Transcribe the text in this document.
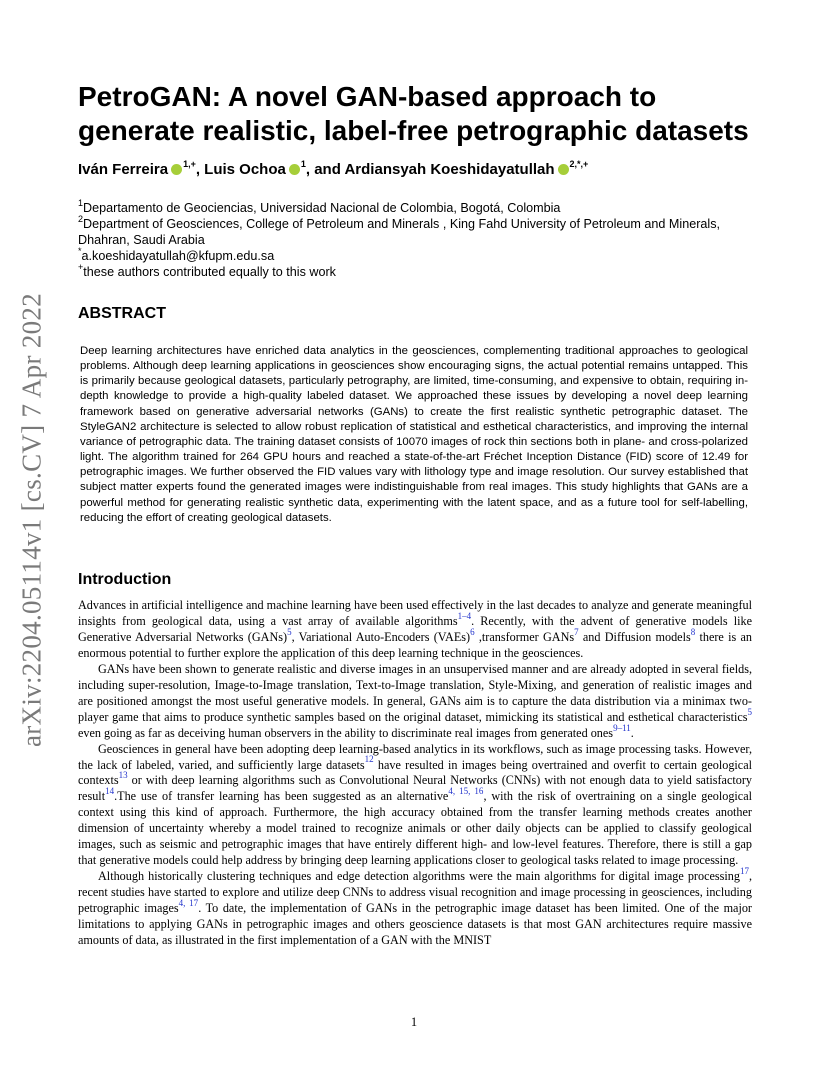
arXiv:2204.05114v1 [cs.CV] 7 Apr 2022
PetroGAN: A novel GAN-based approach to generate realistic, label-free petrographic datasets
Iván Ferreira $^{1,+}$, Luis Ochoa $^1$, and Ardiansyah Koeshidayatullah $^{2,*,+}$
$^1$Departamento de Geociencias, Universidad Nacional de Colombia, Bogotá, Colombia
$^2$Department of Geosciences, College of Petroleum and Minerals , King Fahd University of Petroleum and Minerals, Dhahran, Saudi Arabia
*a.koeshidayatullah@kfupm.edu.sa
+these authors contributed equally to this work
ABSTRACT

Deep learning architectures have enriched data analytics in the geosciences, complementing traditional approaches to geological problems. Although deep learning applications in geosciences show encouraging signs, the actual potential remains untapped. This is primarily because geological datasets, particularly petrography, are limited, time-consuming, and expensive to obtain, requiring in-depth knowledge to provide a high-quality labeled dataset. We approached these issues by developing a novel deep learning framework based on generative adversarial networks (GANs) to create the first realistic synthetic petrographic dataset. The StyleGAN2 architecture is selected to allow robust replication of statistical and esthetical characteristics, and improving the internal variance of petrographic data. The training dataset consists of 10070 images of rock thin sections both in plane- and cross-polarized light. The algorithm trained for 264 GPU hours and reached a state-of-the-art Fréchet Inception Distance (FID) score of 12.49 for petrographic images. We further observed the FID values vary with lithology type and image resolution. Our survey established that subject matter experts found the generated images were indistinguishable from real images. This study highlights that GANs are a powerful method for generating realistic synthetic data, experimenting with the latent space, and as a future tool for self-labelling, reducing the effort of creating geological datasets.

Introduction

Advances in artificial intelligence and machine learning have been used effectively in the last decades to analyze and generate meaningful insights from geological data, using a vast array of available algorithms$^{1-4}$. Recently, with the advent of generative models like Generative Adversarial Networks (GANs)$^5$, Variational Auto-Encoders (VAEs)$^6$ ,transformer GANs$^7$ and Diffusion models$^8$ there is an enormous potential to further explore the application of this deep learning technique in the geosciences.

GANs have been shown to generate realistic and diverse images in an unsupervised manner and are already adopted in several fields, including super-resolution, Image-to-Image translation, Text-to-Image translation, Style-Mixing, and generation of realistic images and are positioned amongst the most useful generative models. In general, GANs aim is to capture the data distribution via a minimax two-player game that aims to produce synthetic samples based on the original dataset, mimicking its statistical and esthetical characteristics$^5$ even going as far as deceiving human observers in the ability to discriminate real images from generated ones$^{9-11}$.

Geosciences in general have been adopting deep learning-based analytics in its workflows, such as image processing tasks. However, the lack of labeled, varied, and sufficiently large datasets$^{12}$ have resulted in images being overtrained and overfit to certain geological contexts$^{13}$ or with deep learning algorithms such as Convolutional Neural Networks (CNNs) with not enough data to yield satisfactory result$^{14}$.The use of transfer learning has been suggested as an alternative$^{4, 15, 16}$, with the risk of overtraining on a single geological context using this kind of approach. Furthermore, the high accuracy obtained from the transfer learning methods creates another dimension of uncertainty whereby a model trained to recognize animals or other daily objects can be applied to classify geological images, such as seismic and petrographic images that have entirely different high- and low-level features. Therefore, there is still a gap that generative models could help address by bringing deep learning applications closer to geological tasks related to image processing.

Although historically clustering techniques and edge detection algorithms were the main algorithms for digital image processing$^{17}$, recent studies have started to explore and utilize deep CNNs to address visual recognition and image processing in geosciences, including petrographic images$^{4, 17}$. To date, the implementation of GANs in the petrographic image dataset has been limited. One of the major limitations to applying GANs in petrographic images and others geoscience datasets is that most GAN architectures require massive amounts of data, as illustrated in the first implementation of a GAN with the MNIST

1
